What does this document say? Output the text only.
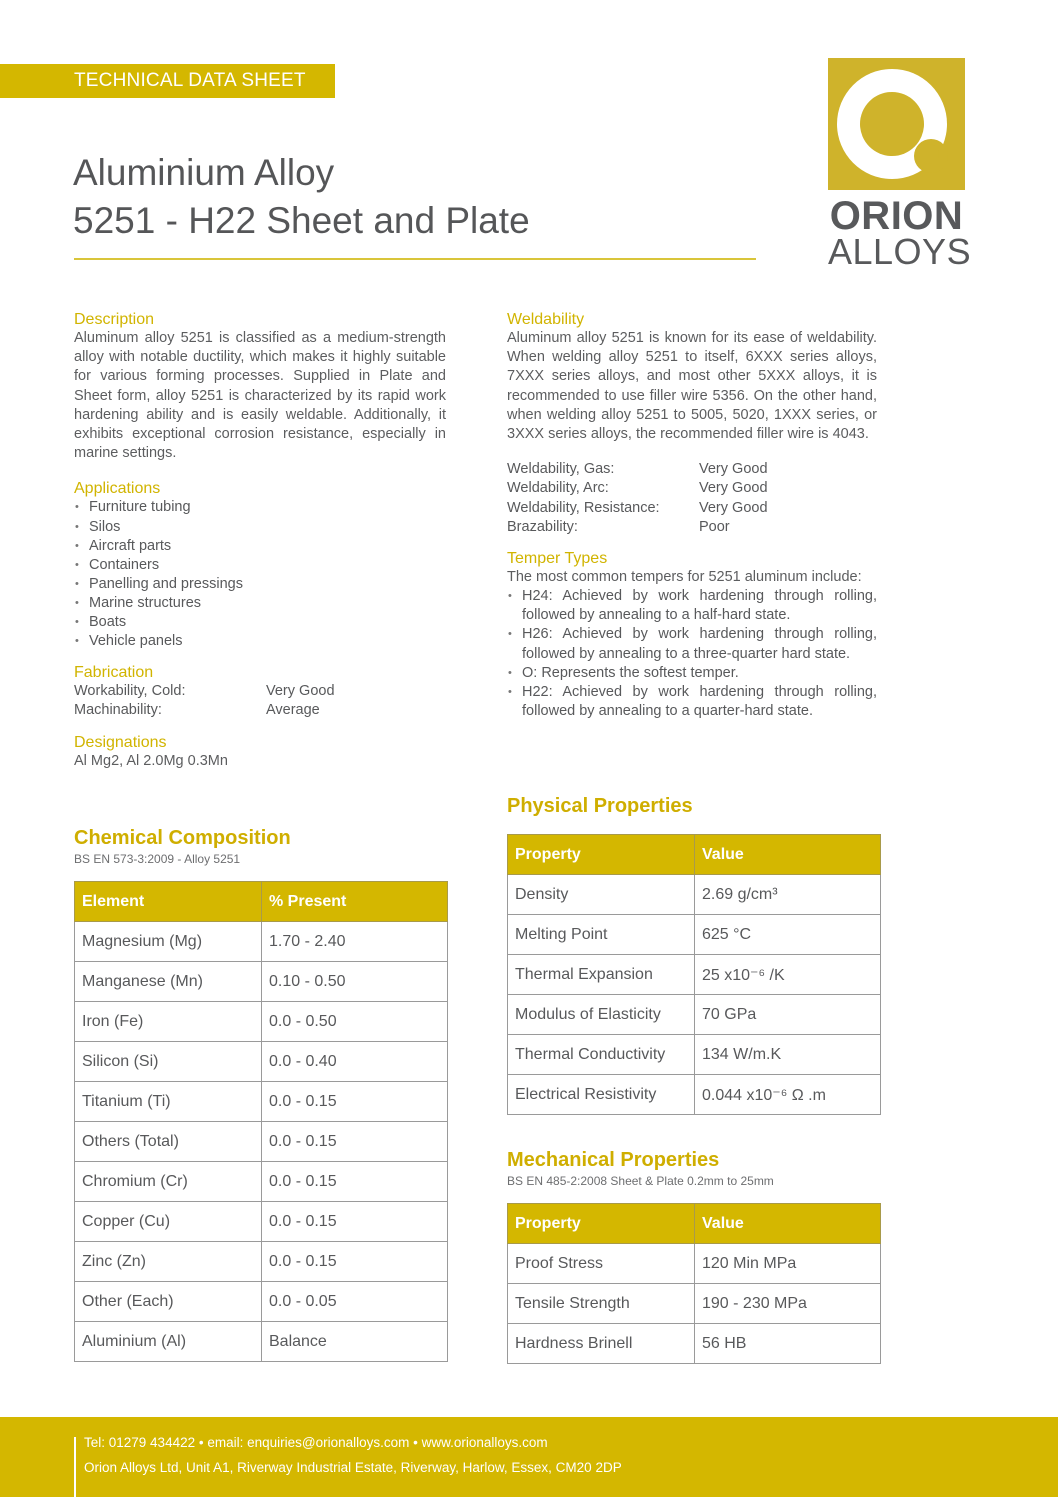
TECHNICAL DATA SHEET
Aluminium Alloy
5251 - H22 Sheet and Plate	ORION
ALLOYS
Description

Aluminum alloy 5251 is classified as a medium-strength alloy with notable ductility, which makes it highly suitable for various forming processes. Supplied in Plate and Sheet form, alloy 5251 is characterized by its rapid work hardening ability and is easily weldable. Additionally, it exhibits exceptional corrosion resistance, especially in marine settings.

Applications
• Furniture tubing
• Silos
• Aircraft parts
• Containers
• Panelling and pressings
• Marine structures
• Boats
• Vehicle panels
Fabrication
Workability, Cold:	Very Good
Machinability:	Average
Designations

Al Mg2, Al 2.0Mg 0.3Mn

Chemical Composition
BS EN 573-3:2009 - Alloy 5251
Element	% Present
Magnesium (Mg)	1.70 - 2.40
Manganese (Mn)	0.10 - 0.50
Iron (Fe)	0.0 - 0.50
Silicon (Si)	0.0 - 0.40
Titanium (Ti)	0.0 - 0.15
Others (Total)	0.0 - 0.15
Chromium (Cr)	0.0 - 0.15
Copper (Cu)	0.0 - 0.15
Zinc (Zn)	0.0 - 0.15
Other (Each)	0.0 - 0.05
Aluminium (Al)	Balance
Weldability

Aluminum alloy 5251 is known for its ease of weldability. When welding alloy 5251 to itself, 6XXX series alloys, 7XXX series alloys, and most other 5XXX alloys, it is recommended to use filler wire 5356. On the other hand, when welding alloy 5251 to 5005, 5020, 1XXX series, or 3XXX series alloys, the recommended filler wire is 4043.

Weldability, Gas:	Very Good
Weldability, Arc:	Very Good
Weldability, Resistance:	Very Good
Brazability:	Poor
Temper Types

The most common tempers for 5251 aluminum include:

• H24: Achieved by work hardening through rolling, followed by annealing to a half-hard state.
• H26: Achieved by work hardening through rolling, followed by annealing to a three-quarter hard state.
• O: Represents the softest temper.
• H22: Achieved by work hardening through rolling, followed by annealing to a quarter-hard state.
Physical Properties
Property	Value
Density	2.69 g/cm³
Melting Point	625 °C
Thermal Expansion	25 x10⁻⁶ /K
Modulus of Elasticity	70 GPa
Thermal Conductivity	134 W/m.K
Electrical Resistivity	0.044 x10⁻⁶ Ω .m
Mechanical Properties
BS EN 485-2:2008 Sheet & Plate 0.2mm to 25mm
Property	Value
Proof Stress	120 Min MPa
Tensile Strength	190 - 230 MPa
Hardness Brinell	56 HB
Tel: 01279 434422 • email: enquiries@orionalloys.com • www.orionalloys.com
Orion Alloys Ltd, Unit A1, Riverway Industrial Estate, Riverway, Harlow, Essex, CM20 2DP
